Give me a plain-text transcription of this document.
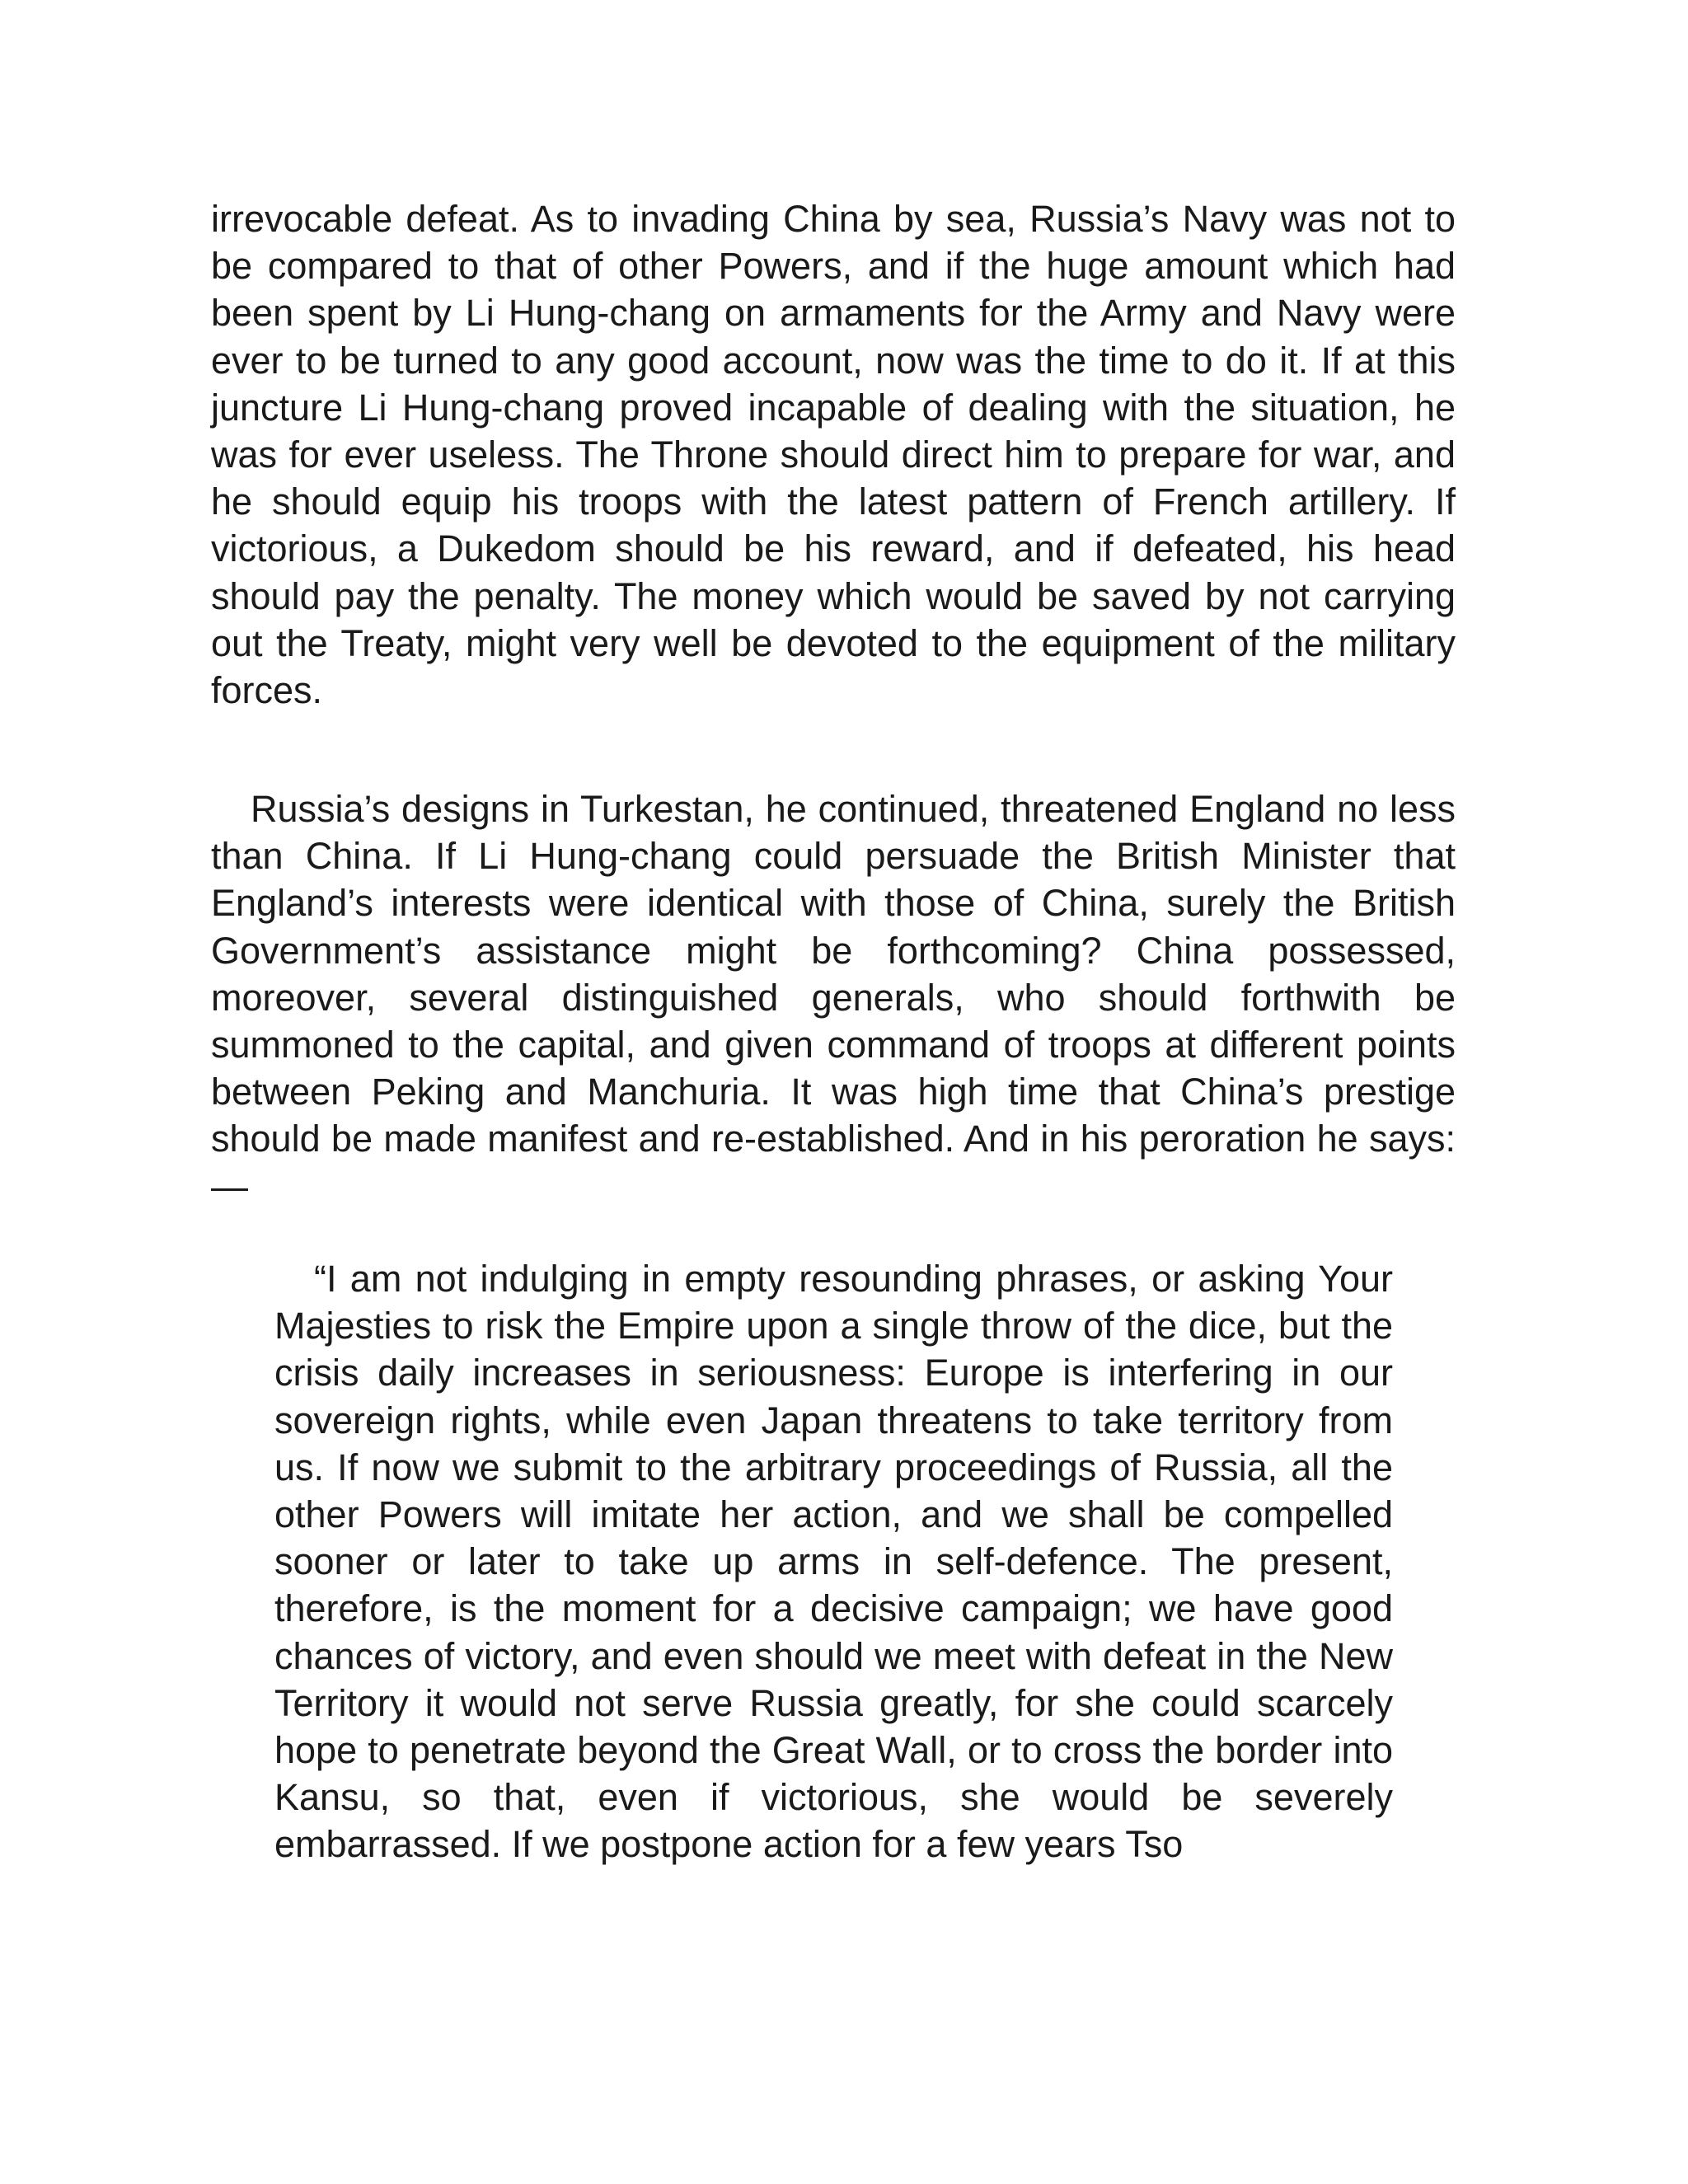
irrevocable defeat. As to invading China by sea, Russia’s Navy was not to be compared to that of other Powers, and if the huge amount which had been spent by Li Hung-chang on armaments for the Army and Navy were ever to be turned to any good account, now was the time to do it. If at this juncture Li Hung-chang proved incapable of dealing with the situation, he was for ever useless. The Throne should direct him to prepare for war, and he should equip his troops with the latest pattern of French artillery. If victorious, a Dukedom should be his reward, and if defeated, his head should pay the penalty. The money which would be saved by not carrying out the Treaty, might very well be devoted to the equipment of the military forces.

Russia’s designs in Turkestan, he continued, threatened England no less than China. If Li Hung-chang could persuade the British Minister that England’s interests were identical with those of China, surely the British Government’s assistance might be forthcoming? China possessed, moreover, several distinguished generals, who should forthwith be summoned to the capital, and given command of troops at different points between Peking and Manchuria. It was high time that China’s prestige should be made manifest and re-established. And in his peroration he says:—

“I am not indulging in empty resounding phrases, or asking Your Majesties to risk the Empire upon a single throw of the dice, but the crisis daily increases in seriousness: Europe is interfering in our sovereign rights, while even Japan threatens to take territory from us. If now we submit to the arbitrary proceedings of Russia, all the other Powers will imitate her action, and we shall be compelled sooner or later to take up arms in self-defence. The present, therefore, is the moment for a decisive campaign; we have good chances of victory, and even should we meet with defeat in the New Territory it would not serve Russia greatly, for she could scarcely hope to penetrate beyond the Great Wall, or to cross the border into Kansu, so that, even if victorious, she would be severely embarrassed. If we postpone action for a few years Tso
